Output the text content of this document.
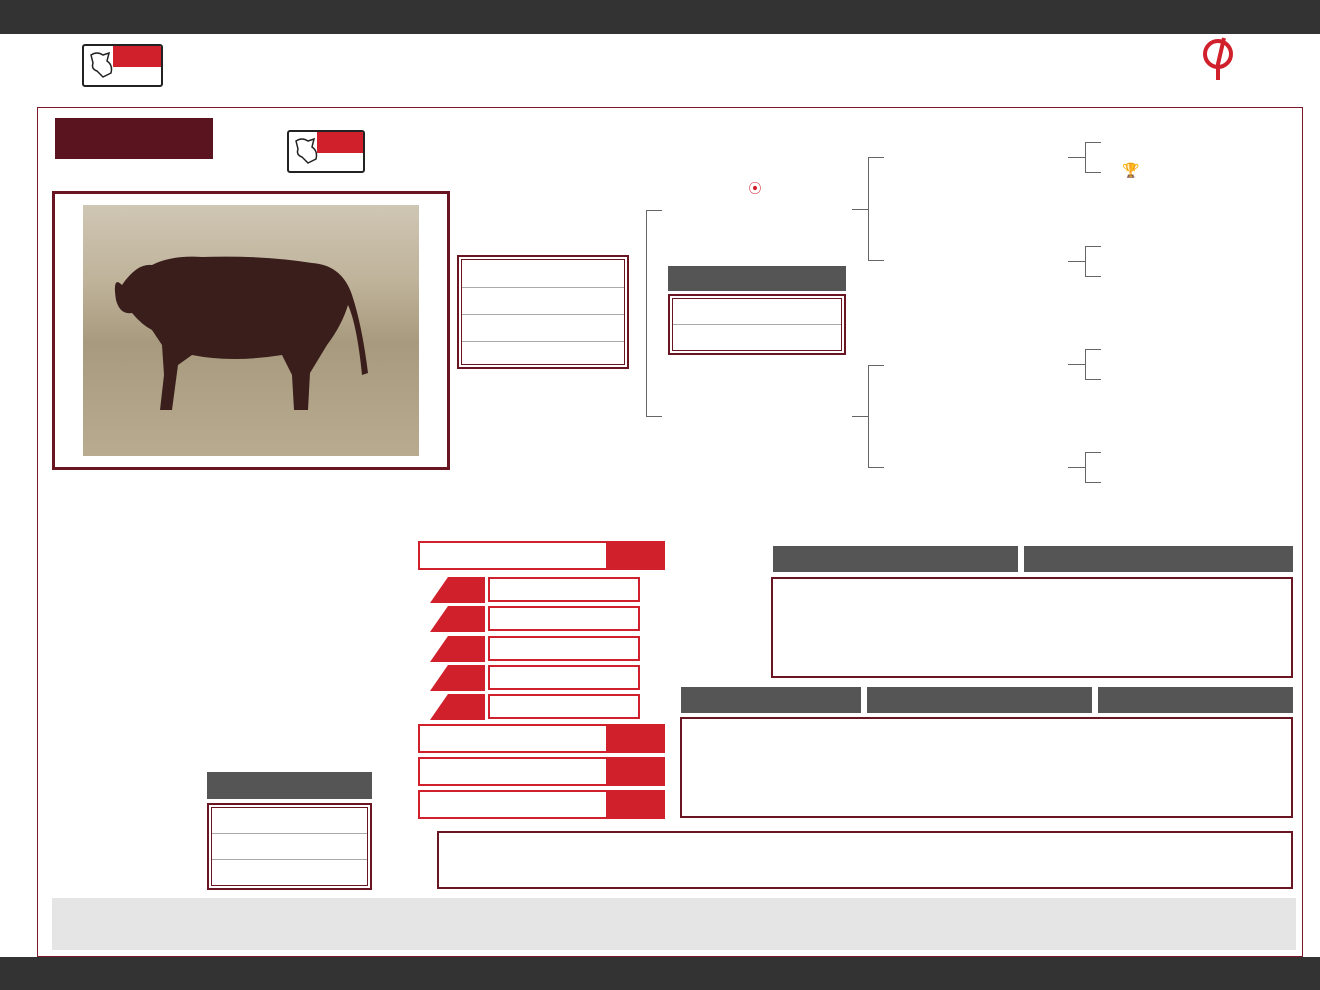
⦿
🏆
